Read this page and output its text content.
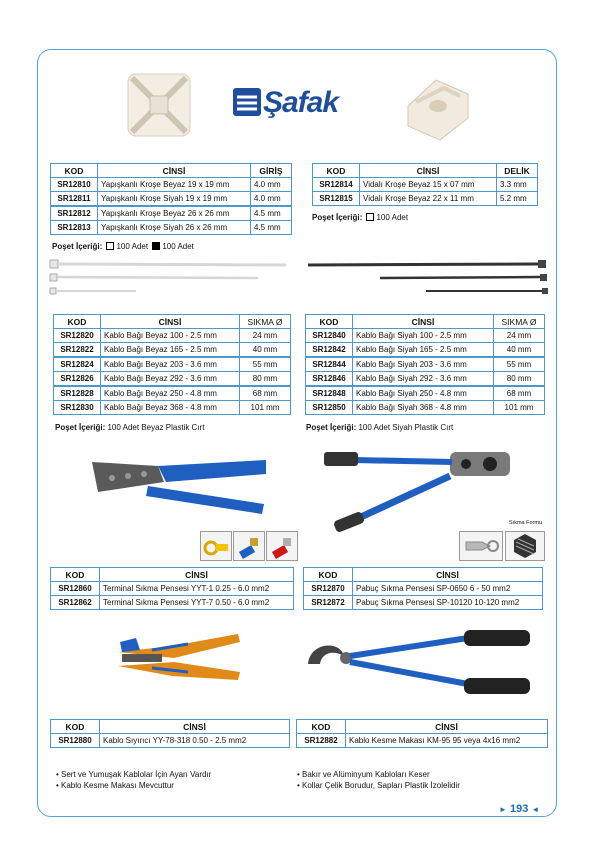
Şafak
KOD	CİNSİ	GİRİŞ
SR12810	Yapışkanlı Kroşe Beyaz 19 x 19 mm	4.0 mm
SR12811	Yapışkanlı Kroşe Siyah 19 x 19 mm	4.0 mm
SR12812	Yapışkanlı Kroşe Beyaz 26 x 26 mm	4.5 mm
SR12813	Yapışkanlı Kroşe Siyah 26 x 26 mm	4.5 mm
Poşet İçeriği: 100 Adet 100 Adet
KOD	CİNSİ	DELİK
SR12814	Vidalı Kroşe Beyaz 15 x 07 mm	3.3 mm
SR12815	Vidalı Kroşe Beyaz 22 x 11 mm	5.2 mm
Poşet İçeriği: 100 Adet
KOD	CİNSİ	SIKMA Ø
SR12820	Kablo Bağı Beyaz 100 - 2.5 mm	24 mm
SR12822	Kablo Bağı Beyaz 165 - 2.5 mm	40 mm
SR12824	Kablo Bağı Beyaz 203 - 3.6 mm	55 mm
SR12826	Kablo Bağı Beyaz 292 - 3.6 mm	80 mm
SR12828	Kablo Bağı Beyaz 250 - 4.8 mm	68 mm
SR12830	Kablo Bağı Beyaz 368 - 4.8 mm	101 mm
Poşet İçeriği: 100 Adet Beyaz Plastik Cırt
KOD	CİNSİ	SIKMA Ø
SR12840	Kablo Bağı Siyah 100 - 2.5 mm	24 mm
SR12842	Kablo Bağı Siyah 165 - 2.5 mm	40 mm
SR12844	Kablo Bağı Siyah 203 - 3.6 mm	55 mm
SR12846	Kablo Bağı Siyah 292 - 3.6 mm	80 mm
SR12848	Kablo Bağı Siyah 250 - 4.8 mm	68 mm
SR12850	Kablo Bağı Siyah 368 - 4.8 mm	101 mm
Poşet İçeriği: 100 Adet Siyah Plastik Cırt
Sıkma Formu
KOD	CİNSİ
SR12860	Terminal Sıkma Pensesi YYT-1 0.25 - 6.0 mm2
SR12862	Terminal Sıkma Pensesi YYT-7 0.50 - 6.0 mm2
KOD	CİNSİ
SR12870	Pabuç Sıkma Pensesi SP-0650 6 - 50 mm2
SR12872	Pabuç Sıkma Pensesi SP-10120 10-120 mm2
KOD	CİNSİ
SR12880	Kablo Sıyırıcı YY-78-318 0.50 - 2.5 mm2
KOD	CİNSİ
SR12882	Kablo Kesme Makası KM-95 95 veya 4x16 mm2
• Sert ve Yumuşak Kablolar İçin Ayarı Vardır
• Kablo Kesme Makası Mevcuttur
• Bakır ve Alüminyum Kabloları Keser
• Kollar Çelik Borudur, Sapları Plastik İzolelidir
► 193 ◄
